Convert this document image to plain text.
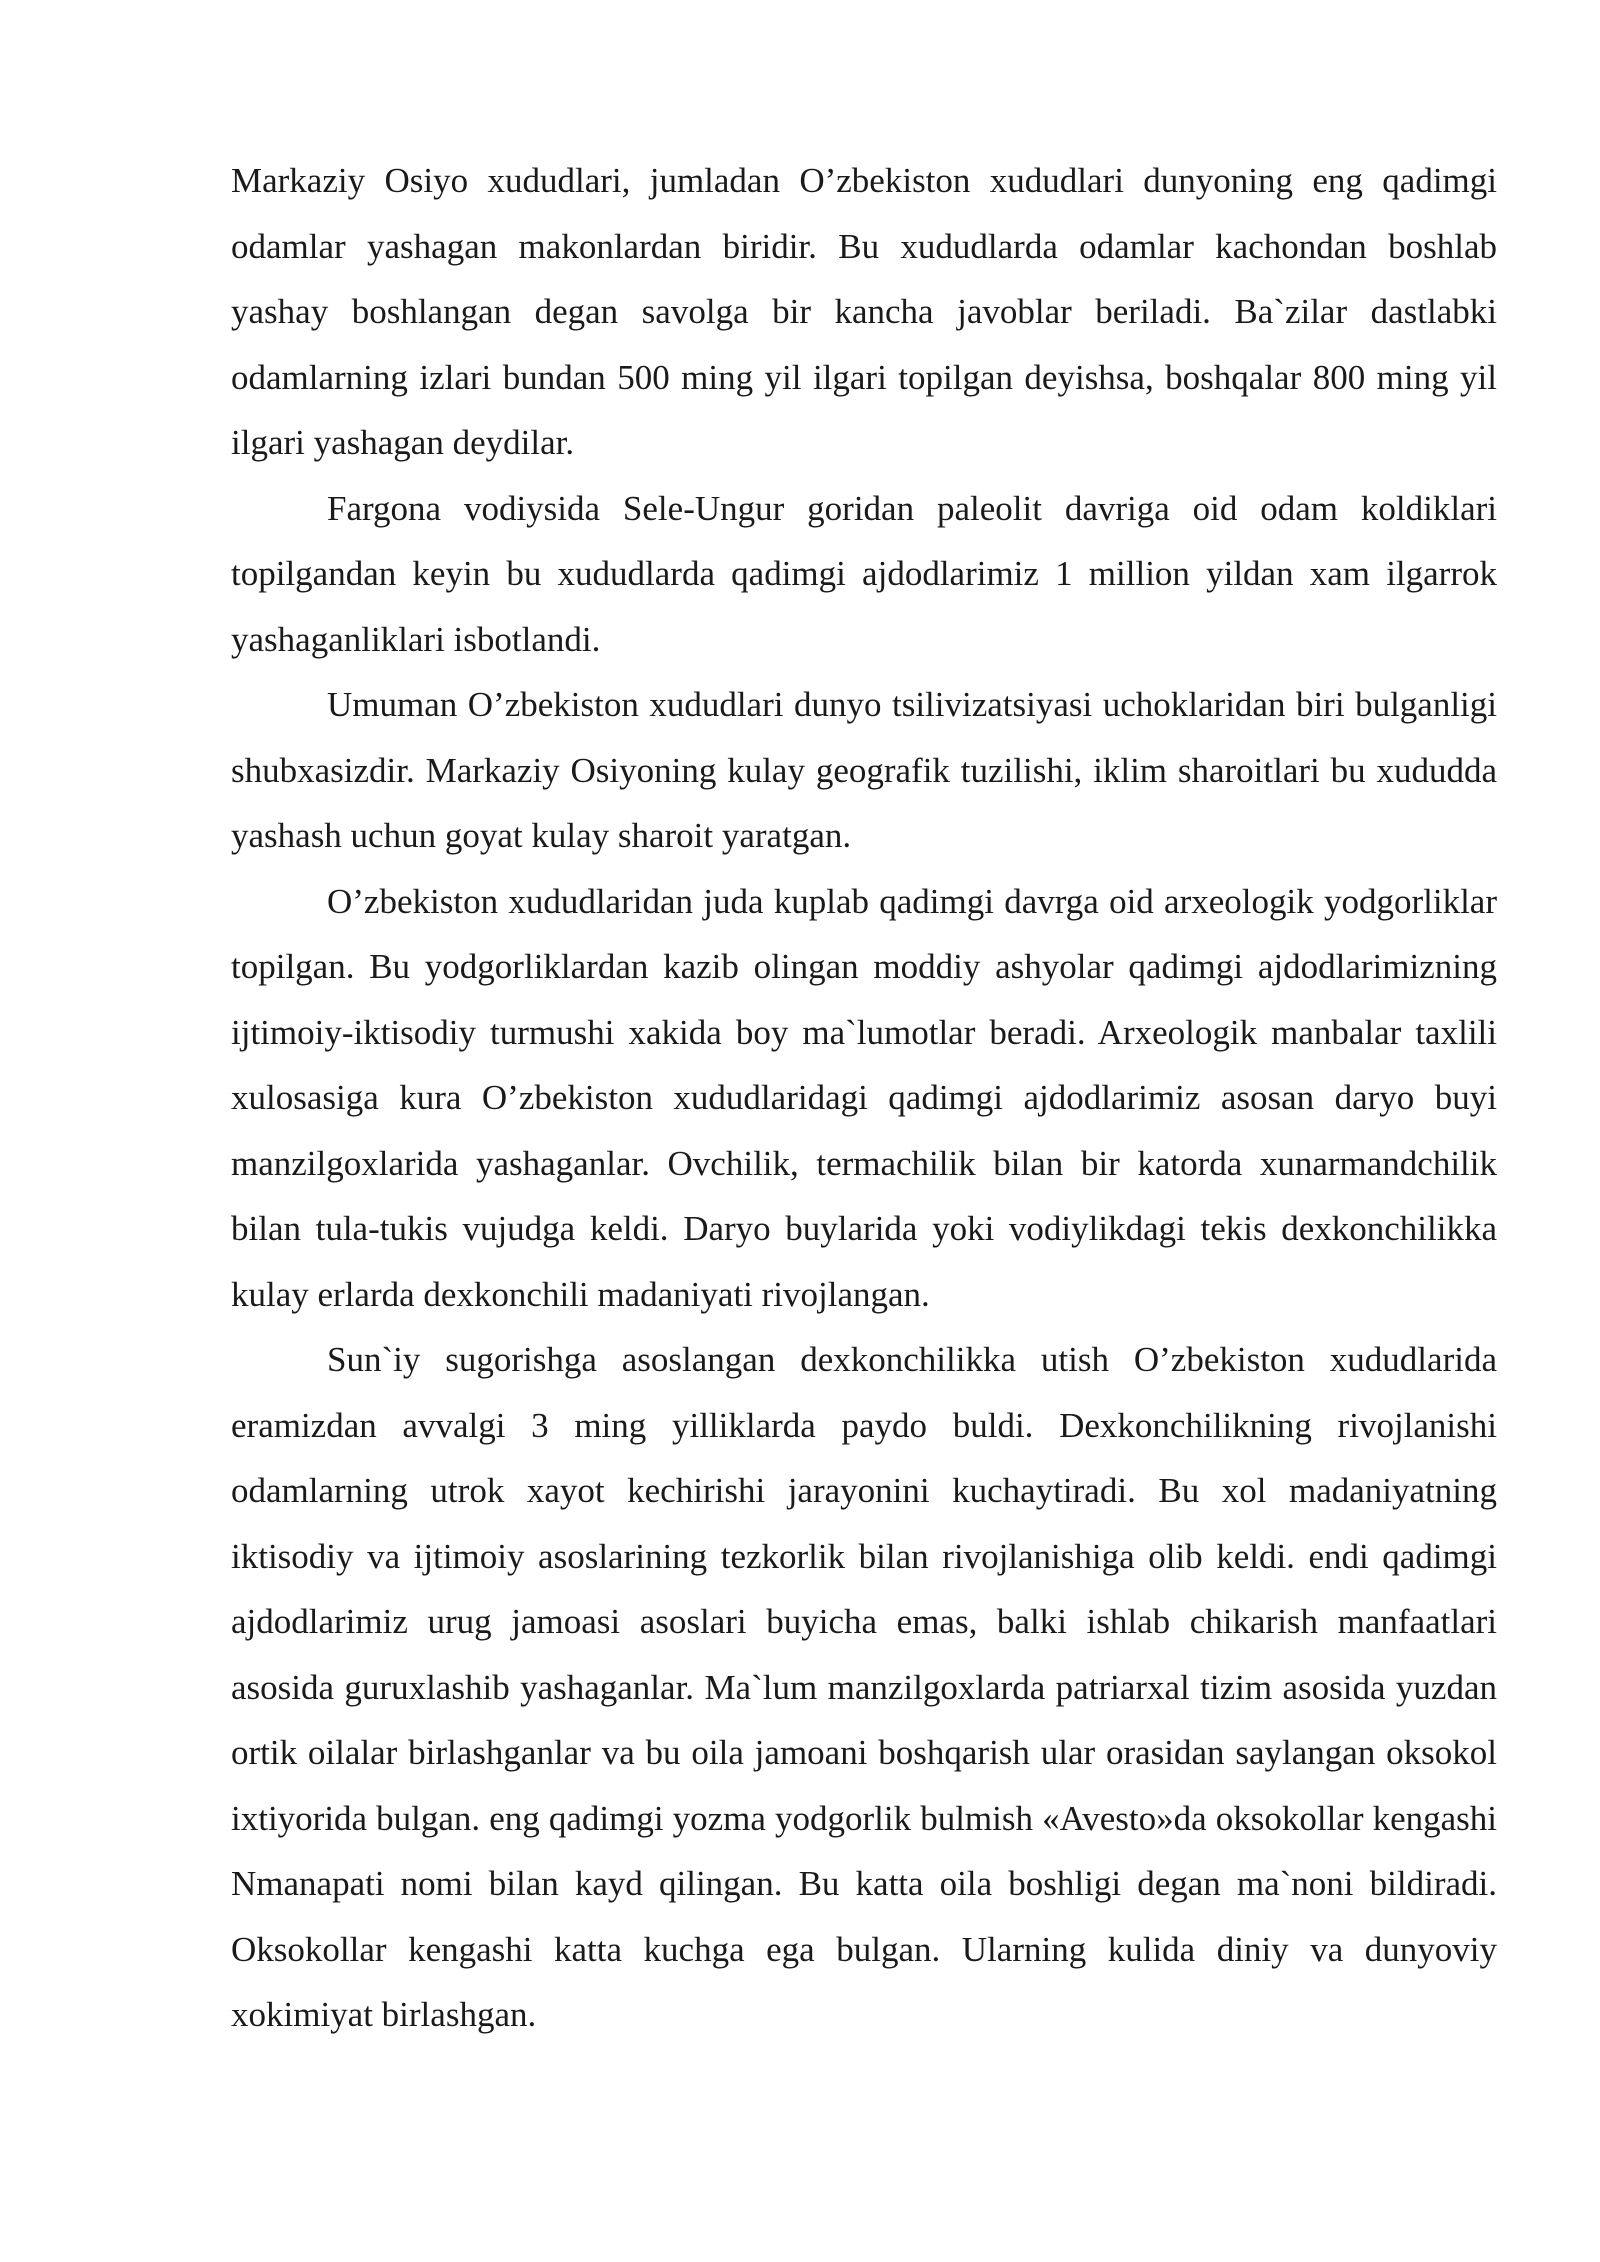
Markaziy Osiyo xududlari, jumladan O’zbekiston xududlari dunyoning eng qadimgi odamlar yashagan makonlardan biridir. Bu xududlarda odamlar kachondan boshlab yashay boshlangan degan savolga bir kancha javoblar beriladi. Ba`zilar dastlabki odamlarning izlari bundan 500 ming yil ilgari topilgan deyishsa, boshqalar 800 ming yil ilgari yashagan deydilar.

Fargona vodiysida Sele-Ungur goridan paleolit davriga oid odam koldiklari topilgandan keyin bu xududlarda qadimgi ajdodlarimiz 1 million yildan xam ilgarrok yashaganliklari isbotlandi.

Umuman O’zbekiston xududlari dunyo tsilivizatsiyasi uchoklaridan biri bulganligi shubxasizdir. Markaziy Osiyoning kulay geografik tuzilishi, iklim sharoitlari bu xududda yashash uchun goyat kulay sharoit yaratgan.

O’zbekiston xududlaridan juda kuplab qadimgi davrga oid arxeologik yodgorliklar topilgan. Bu yodgorliklardan kazib olingan moddiy ashyolar qadimgi ajdodlarimizning ijtimoiy-iktisodiy turmushi xakida boy ma`lumotlar beradi. Arxeologik manbalar taxlili xulosasiga kura O’zbekiston xududlaridagi qadimgi ajdodlarimiz asosan daryo buyi manzilgoxlarida yashaganlar. Ovchilik, termachilik bilan bir katorda xunarmandchilik bilan tula-tukis vujudga keldi. Daryo buylarida yoki vodiylikdagi tekis dexkonchilikka kulay erlarda dexkonchili madaniyati rivojlangan.

Sun`iy sugorishga asoslangan dexkonchilikka utish O’zbekiston xududlarida eramizdan avvalgi 3 ming yilliklarda paydo buldi. Dexkonchilikning rivojlanishi odamlarning utrok xayot kechirishi jarayonini kuchaytiradi. Bu xol madaniyatning iktisodiy va ijtimoiy asoslarining tezkorlik bilan rivojlanishiga olib keldi. endi qadimgi ajdodlarimiz urug jamoasi asoslari buyicha emas, balki ishlab chikarish manfaatlari asosida guruxlashib yashaganlar. Ma`lum manzilgoxlarda patriarxal tizim asosida yuzdan ortik oilalar birlashganlar va bu oila jamoani boshqarish ular orasidan saylangan oksokol ixtiyorida bulgan. eng qadimgi yozma yodgorlik bulmish «Avesto»da oksokollar kengashi Nmanapati nomi bilan kayd qilingan. Bu katta oila boshligi degan ma`noni bildiradi. Oksokollar kengashi katta kuchga ega bulgan. Ularning kulida diniy va dunyoviy xokimiyat birlashgan.
